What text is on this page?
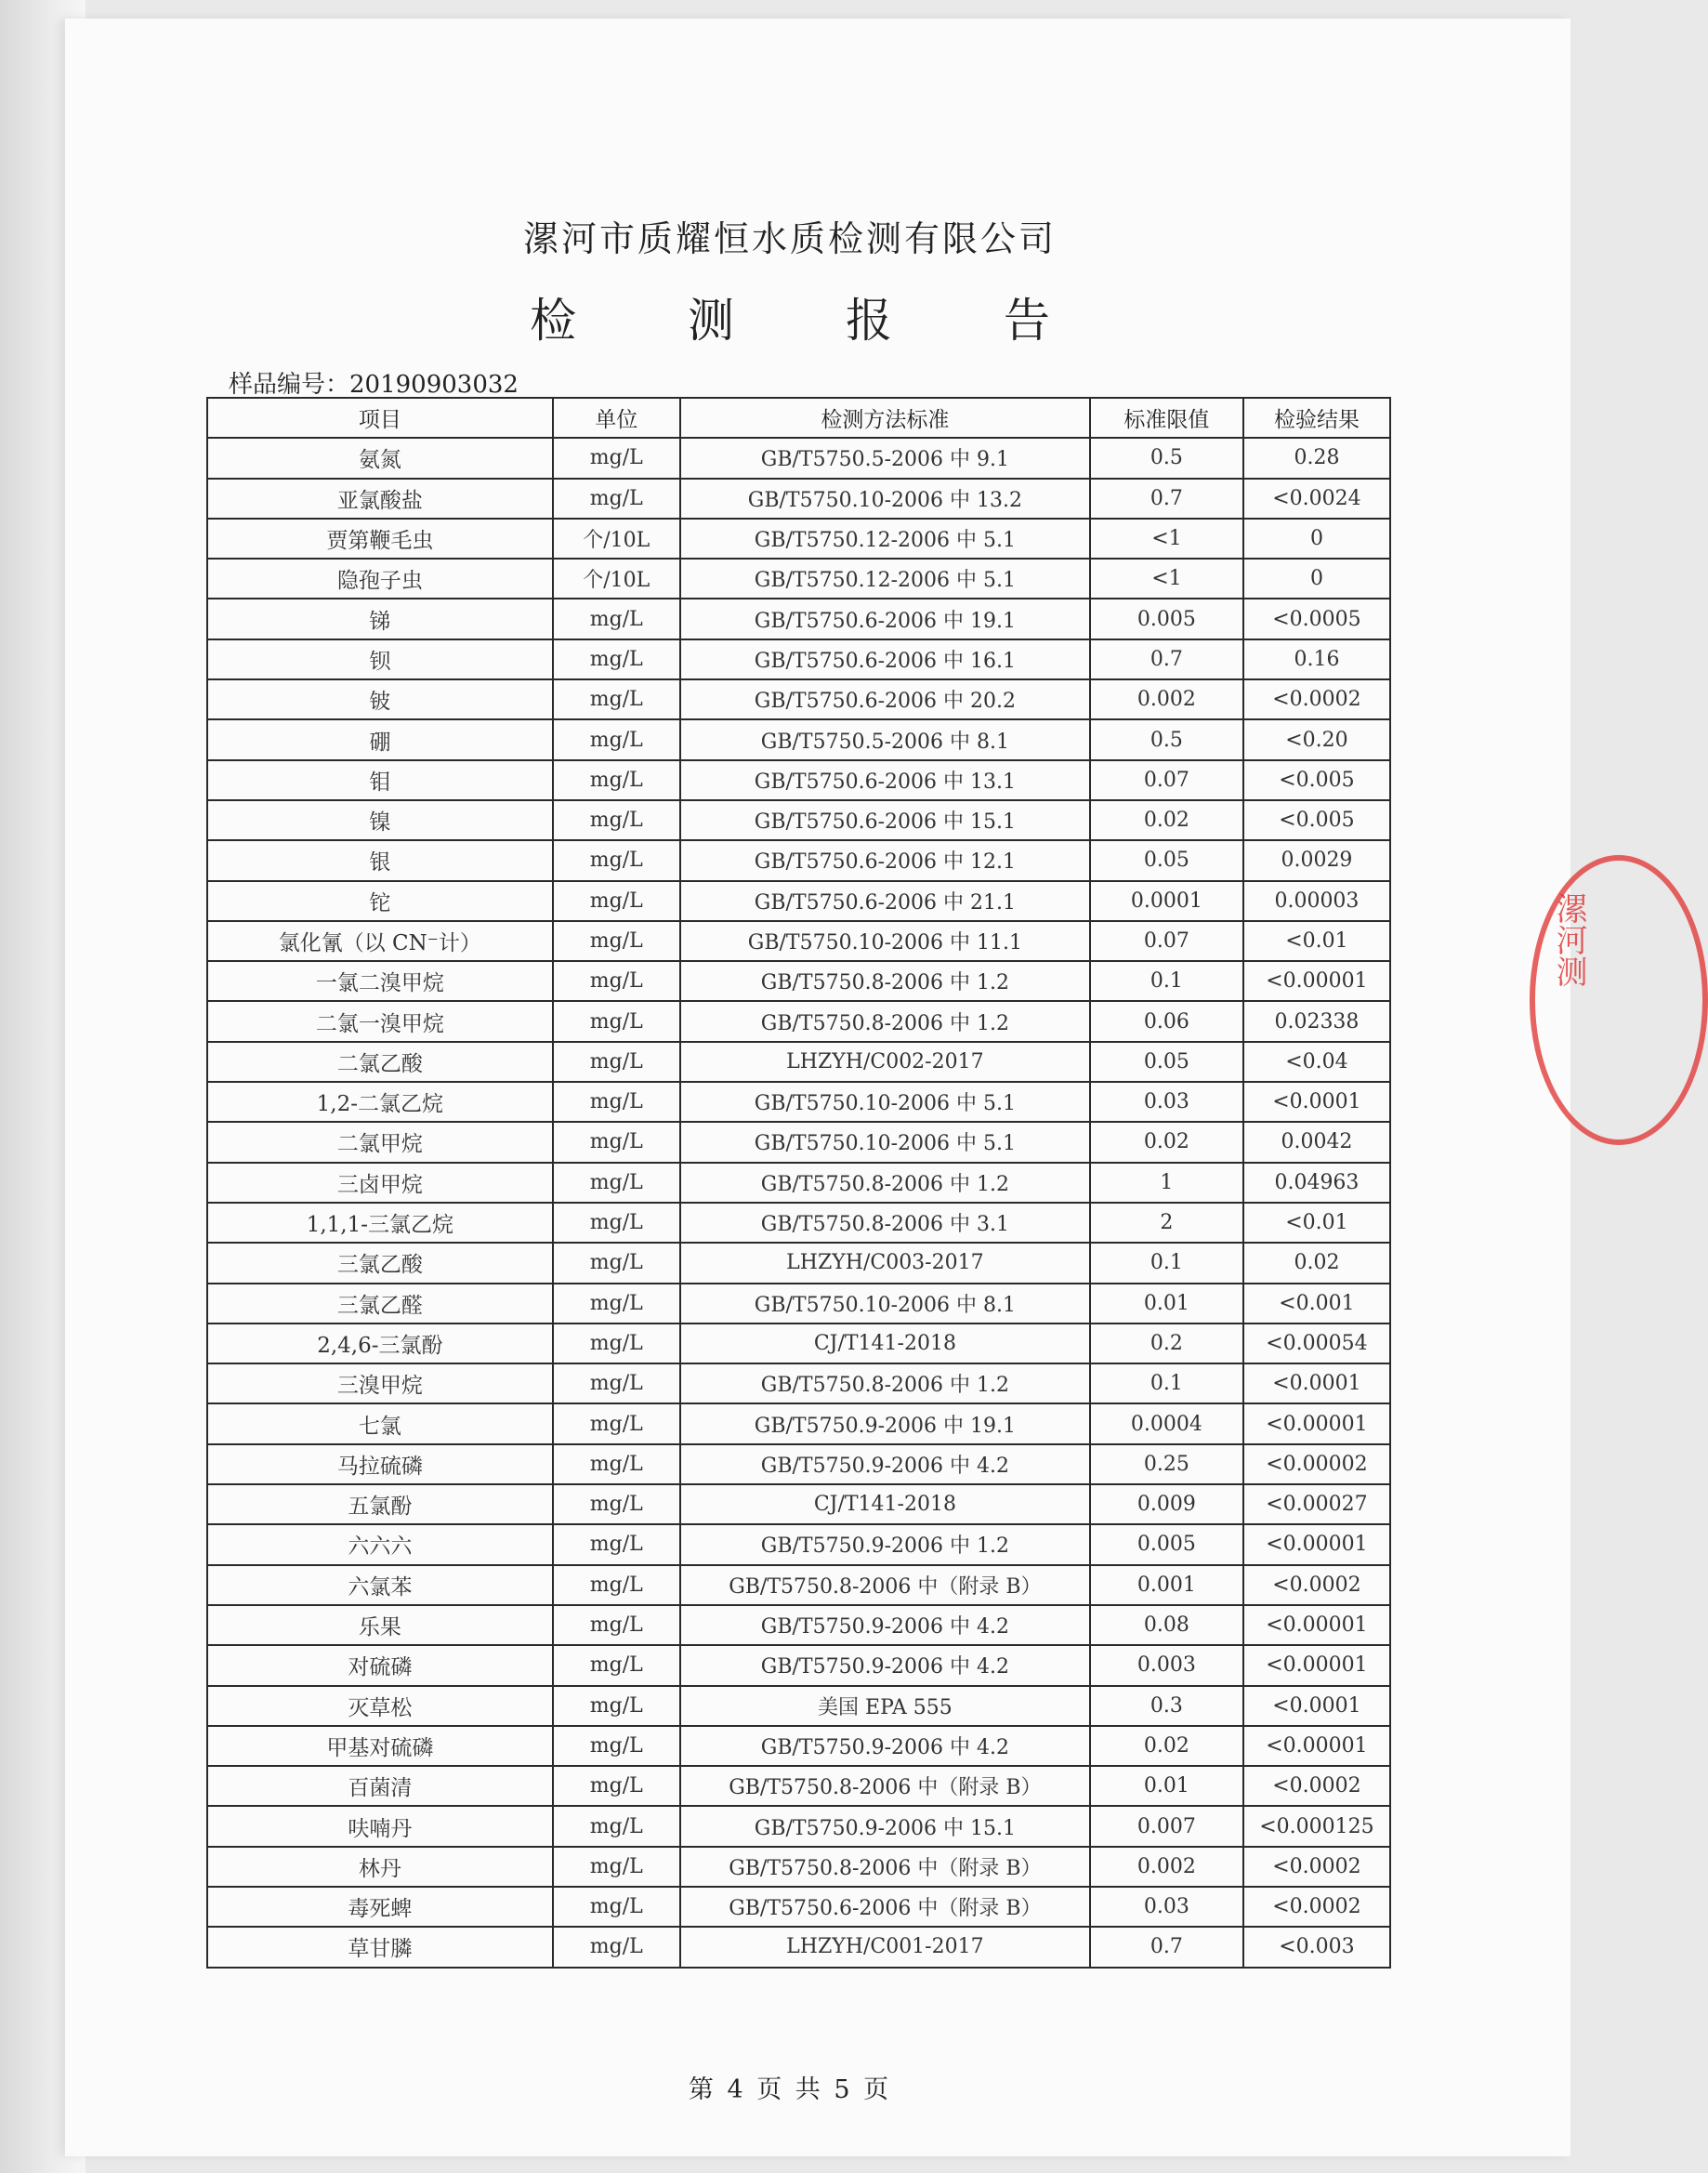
漯河市质耀恒水质检测有限公司
检 测 报 告
样品编号：20190903032
项目	单位	检测方法标准	标准限值	检验结果
氨氮	mg/L	GB/T5750.5-2006 中 9.1	0.5	0.28
亚氯酸盐	mg/L	GB/T5750.10-2006 中 13.2	0.7	<0.0024
贾第鞭毛虫	个/10L	GB/T5750.12-2006 中 5.1	<1	0
隐孢子虫	个/10L	GB/T5750.12-2006 中 5.1	<1	0
锑	mg/L	GB/T5750.6-2006 中 19.1	0.005	<0.0005
钡	mg/L	GB/T5750.6-2006 中 16.1	0.7	0.16
铍	mg/L	GB/T5750.6-2006 中 20.2	0.002	<0.0002
硼	mg/L	GB/T5750.5-2006 中 8.1	0.5	<0.20
钼	mg/L	GB/T5750.6-2006 中 13.1	0.07	<0.005
镍	mg/L	GB/T5750.6-2006 中 15.1	0.02	<0.005
银	mg/L	GB/T5750.6-2006 中 12.1	0.05	0.0029
铊	mg/L	GB/T5750.6-2006 中 21.1	0.0001	0.00003
氯化氰（以 CN⁻计）	mg/L	GB/T5750.10-2006 中 11.1	0.07	<0.01
一氯二溴甲烷	mg/L	GB/T5750.8-2006 中 1.2	0.1	<0.00001
二氯一溴甲烷	mg/L	GB/T5750.8-2006 中 1.2	0.06	0.02338
二氯乙酸	mg/L	LHZYH/C002-2017	0.05	<0.04
1,2-二氯乙烷	mg/L	GB/T5750.10-2006 中 5.1	0.03	<0.0001
二氯甲烷	mg/L	GB/T5750.10-2006 中 5.1	0.02	0.0042
三卤甲烷	mg/L	GB/T5750.8-2006 中 1.2	1	0.04963
1,1,1-三氯乙烷	mg/L	GB/T5750.8-2006 中 3.1	2	<0.01
三氯乙酸	mg/L	LHZYH/C003-2017	0.1	0.02
三氯乙醛	mg/L	GB/T5750.10-2006 中 8.1	0.01	<0.001
2,4,6-三氯酚	mg/L	CJ/T141-2018	0.2	<0.00054
三溴甲烷	mg/L	GB/T5750.8-2006 中 1.2	0.1	<0.0001
七氯	mg/L	GB/T5750.9-2006 中 19.1	0.0004	<0.00001
马拉硫磷	mg/L	GB/T5750.9-2006 中 4.2	0.25	<0.00002
五氯酚	mg/L	CJ/T141-2018	0.009	<0.00027
六六六	mg/L	GB/T5750.9-2006 中 1.2	0.005	<0.00001
六氯苯	mg/L	GB/T5750.8-2006 中（附录 B）	0.001	<0.0002
乐果	mg/L	GB/T5750.9-2006 中 4.2	0.08	<0.00001
对硫磷	mg/L	GB/T5750.9-2006 中 4.2	0.003	<0.00001
灭草松	mg/L	美国 EPA 555	0.3	<0.0001
甲基对硫磷	mg/L	GB/T5750.9-2006 中 4.2	0.02	<0.00001
百菌清	mg/L	GB/T5750.8-2006 中（附录 B）	0.01	<0.0002
呋喃丹	mg/L	GB/T5750.9-2006 中 15.1	0.007	<0.000125
林丹	mg/L	GB/T5750.8-2006 中（附录 B）	0.002	<0.0002
毒死蜱	mg/L	GB/T5750.6-2006 中（附录 B）	0.03	<0.0002
草甘膦	mg/L	LHZYH/C001-2017	0.7	<0.003
第 4 页 共 5 页
漯河测
